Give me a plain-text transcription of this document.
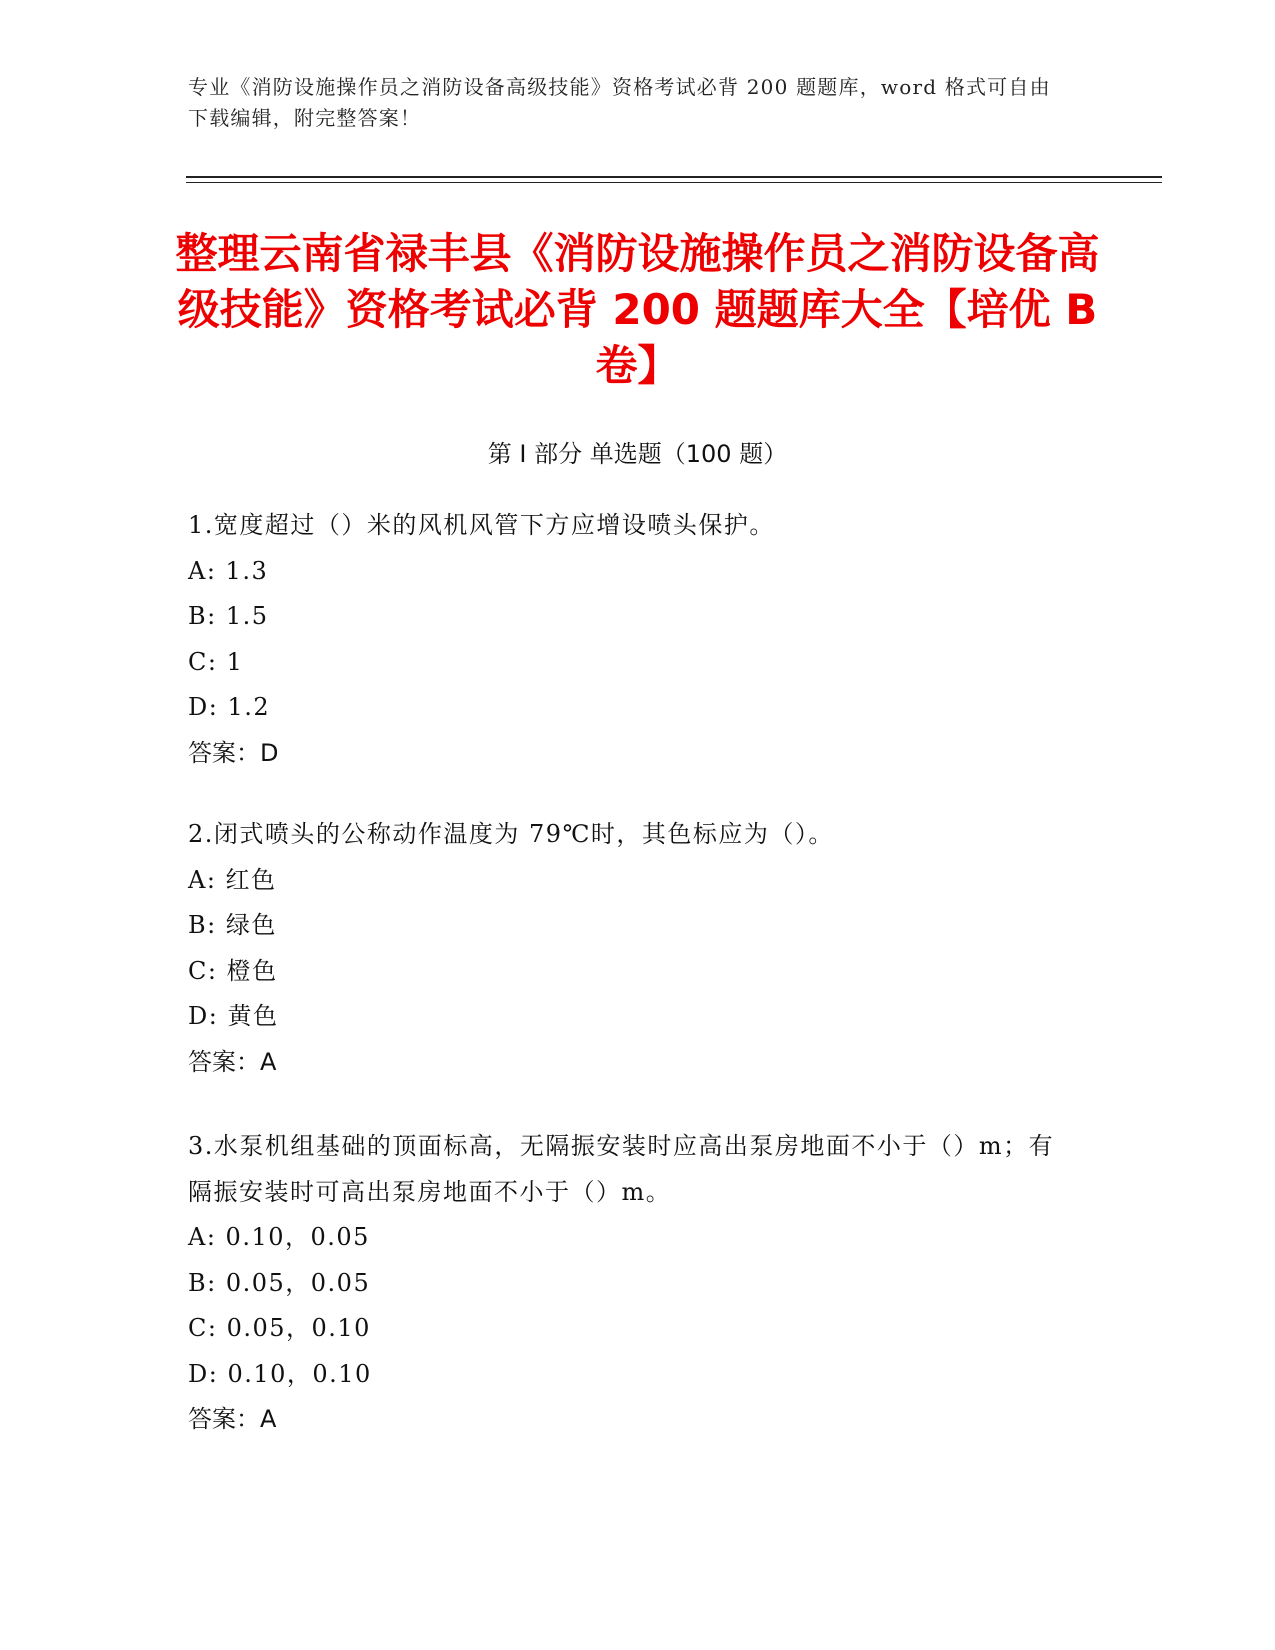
专业《消防设施操作员之消防设备高级技能》资格考试必背 200 题题库，word 格式可自由下载编辑，附完整答案！
整理云南省禄丰县《消防设施操作员之消防设备高级技能》资格考试必背 200 题题库大全【培优 B 卷】
第 I 部分 单选题（100 题）
1.宽度超过（）米的风机风管下方应增设喷头保护。
A: 1.3
B: 1.5
C: 1
D: 1.2
答案：D
2.闭式喷头的公称动作温度为 79℃时，其色标应为（）。
A: 红色
B: 绿色
C: 橙色
D: 黄色
答案：A
3.水泵机组基础的顶面标高，无隔振安装时应高出泵房地面不小于（）m；有隔振安装时可高出泵房地面不小于（）m。
A: 0.10，0.05
B: 0.05，0.05
C: 0.05，0.10
D: 0.10，0.10
答案：A
